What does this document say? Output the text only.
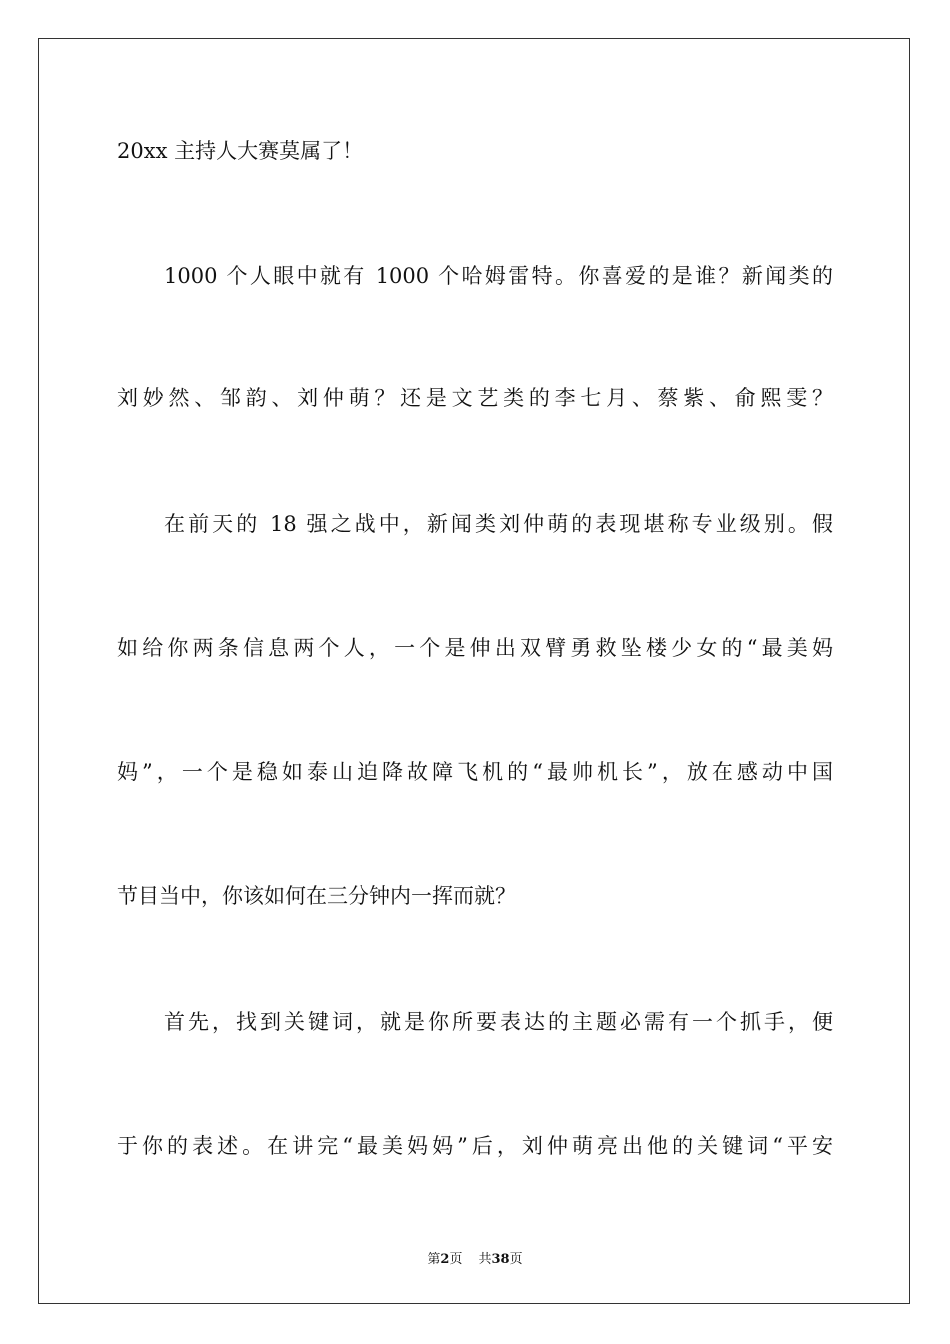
20xx 主持人大赛莫属了！
1000 个人眼中就有 1000 个哈姆雷特。你喜爱的是谁？新闻类的
刘妙然、邹韵、刘仲萌？还是文艺类的李七月、蔡紫、俞熙雯？
在前天的 18 强之战中，新闻类刘仲萌的表现堪称专业级别。假
如给你两条信息两个人，一个是伸出双臂勇救坠楼少女的“最美妈
妈”，一个是稳如泰山迫降故障飞机的“最帅机长”，放在感动中国
节目当中，你该如何在三分钟内一挥而就？
首先，找到关键词，就是你所要表达的主题必需有一个抓手，便
于你的表述。在讲完“最美妈妈”后，刘仲萌亮出他的关键词“平安
第2页 共38页
